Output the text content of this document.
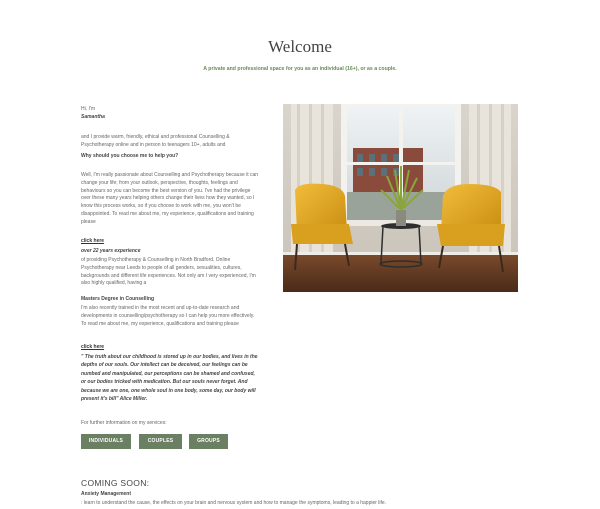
Welcome
A private and professional space for you as an individual (16+), or as a couple.
Hi, I'm
Samantha
and I provide warm, friendly, ethical and professional Counselling & Psychotherapy online and in person to teenagers 10+, adults and
Why should you choose me to help you?
Well, I'm really passionate about Counselling and Psychotherapy because it can change your life; from your outlook, perspective, thoughts, feelings and behaviours so you can become the best version of you. I've had the privilege over these many years helping others change their lives how they wanted, so I know this process works, so if you choose to work with me, you won't be disappointed. To read me about me, my experience, qualifications and training please
click here
over 22 years experience
of providing Psychotherapy & Counselling in North Bradford. Online Psychotherapy near Leeds to people of all genders, sexualities, cultures, backgrounds and different life experiences. Not only am I very experienced, I'm also highly qualified, having a
Masters Degree in Counselling
I'm also recently trained in the most recent and up-to-date research and developments in counselling/psychotherapy so I can help you more effectively. To read me about me, my experience, qualifications and training please
click here
" The truth about our childhood is stored up in our bodies, and lives in the depths of our souls. Our intellect can be deceived, our feelings can be numbed and manipulated, our perceptions can be shamed and confused, or our bodies tricked with medication. But our souls never forget. And because we are one, one whole soul in one body, some day, our body will present it's bill" Alice Miller.
For further information on my services:
INDIVIDUALS	COUPLES	GROUPS
COMING SOON:
Anxiety Management
: learn to understand the cause, the effects on your brain and nervous system and how to manage the symptoms, leading to a happier life.
